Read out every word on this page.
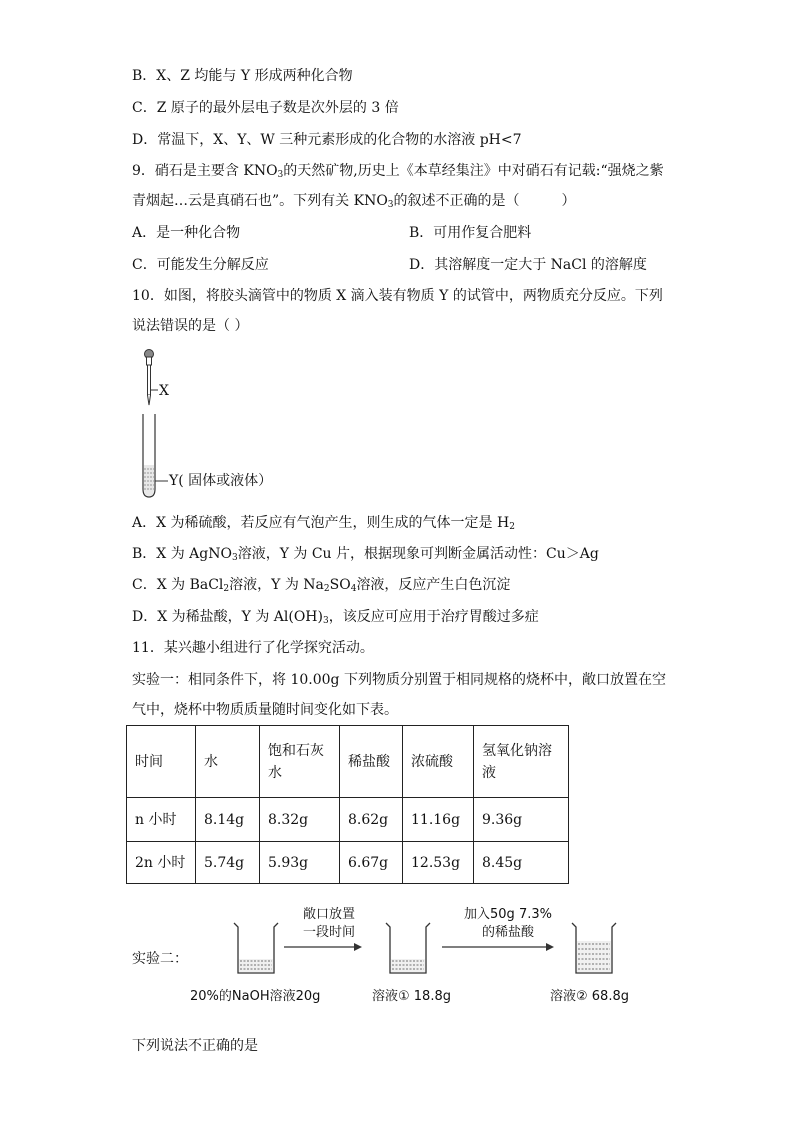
B．X、Z 均能与 Y 形成两种化合物
C．Z 原子的最外层电子数是次外层的 3 倍
D．常温下，X、Y、W 三种元素形成的化合物的水溶液 pH<7
9．硝石是主要含 $KNO_3$的天然矿物,历史上《本草经集注》中对硝石有记载:“强烧之紫
青烟起…云是真硝石也”。下列有关 $KNO_3$的叙述不正确的是（　　　）
A．是一种化合物	B．可用作复合肥料
C．可能发生分解反应	D．其溶解度一定大于 NaCl 的溶解度
10．如图，将胶头滴管中的物质 X 滴入装有物质 Y 的试管中，两物质充分反应。下列
说法错误的是（ ）
X
Y( 固体或液体）
A．X 为稀硫酸，若反应有气泡产生，则生成的气体一定是 $H_2$
B．X 为 AgNO$_3$溶液，Y 为 Cu 片，根据现象可判断金属活动性：Cu＞Ag
C．X 为 BaCl$_2$溶液，Y 为 $Na_2SO_4$溶液，反应产生白色沉淀
D．X 为稀盐酸，Y 为 $Al(OH)_3$，该反应可应用于治疗胃酸过多症
11．某兴趣小组进行了化学探究活动。
实验一：相同条件下，将 10.00g 下列物质分别置于相同规格的烧杯中，敞口放置在空
气中，烧杯中物质质量随时间变化如下表。
时间	水	饱和石灰水	稀盐酸	浓硫酸	氢氧化钠溶液
n 小时	8.14g	8.32g	8.62g	11.16g	9.36g
2n 小时	5.74g	5.93g	6.67g	12.53g	8.45g
实验二：
敞口放置
一段时间
加入50g 7.3%
的稀盐酸
20%的NaOH溶液20g	溶液① 18.8g	溶液② 68.8g
下列说法不正确的是
